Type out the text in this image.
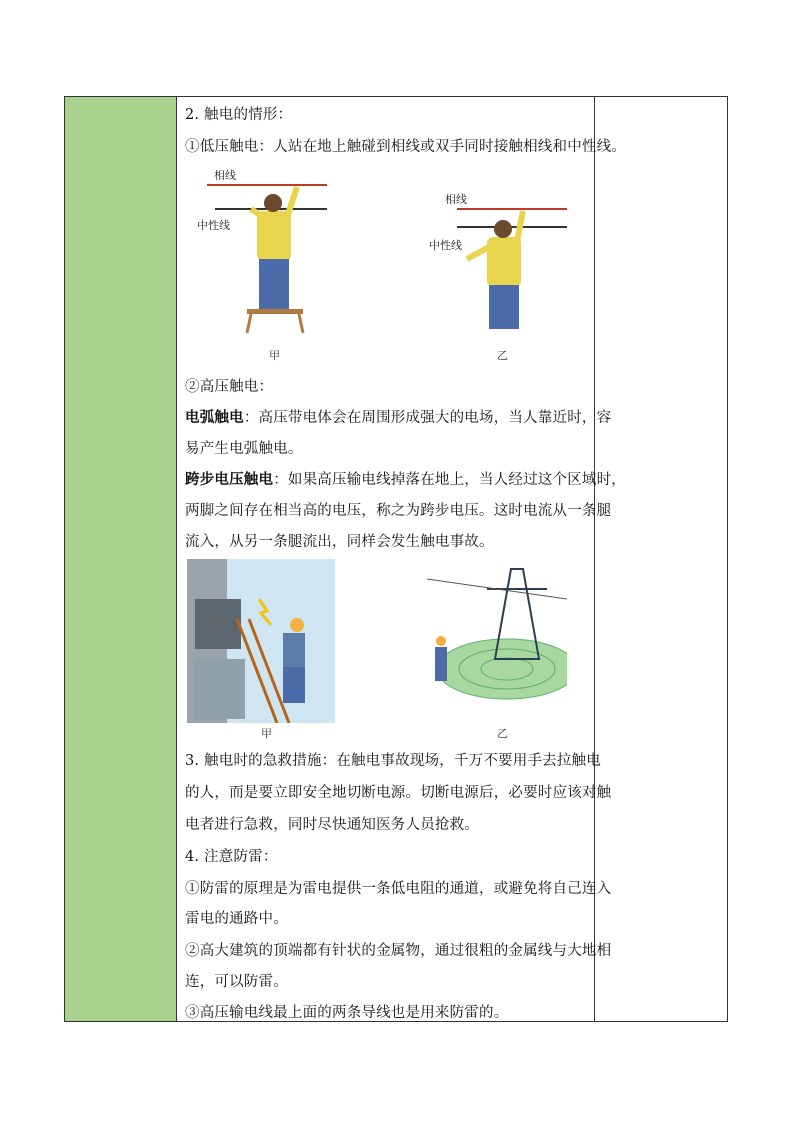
2. 触电的情形：
①低压触电：人站在地上触碰到相线或双手同时接触相线和中性线。
相线
中性线
相线
中性线
甲	乙
②高压触电：
电弧触电：高压带电体会在周围形成强大的电场，当人靠近时，容
易产生电弧触电。
跨步电压触电：如果高压输电线掉落在地上，当人经过这个区域时，
两脚之间存在相当高的电压，称之为跨步电压。这时电流从一条腿
流入，从另一条腿流出，同样会发生触电事故。
甲	乙
3. 触电时的急救措施：在触电事故现场，千万不要用手去拉触电
的人，而是要立即安全地切断电源。切断电源后，必要时应该对触
电者进行急救，同时尽快通知医务人员抢救。
4. 注意防雷：
①防雷的原理是为雷电提供一条低电阻的通道，或避免将自己连入
雷电的通路中。
②高大建筑的顶端都有针状的金属物，通过很粗的金属线与大地相
连，可以防雷。
③高压输电线最上面的两条导线也是用来防雷的。
